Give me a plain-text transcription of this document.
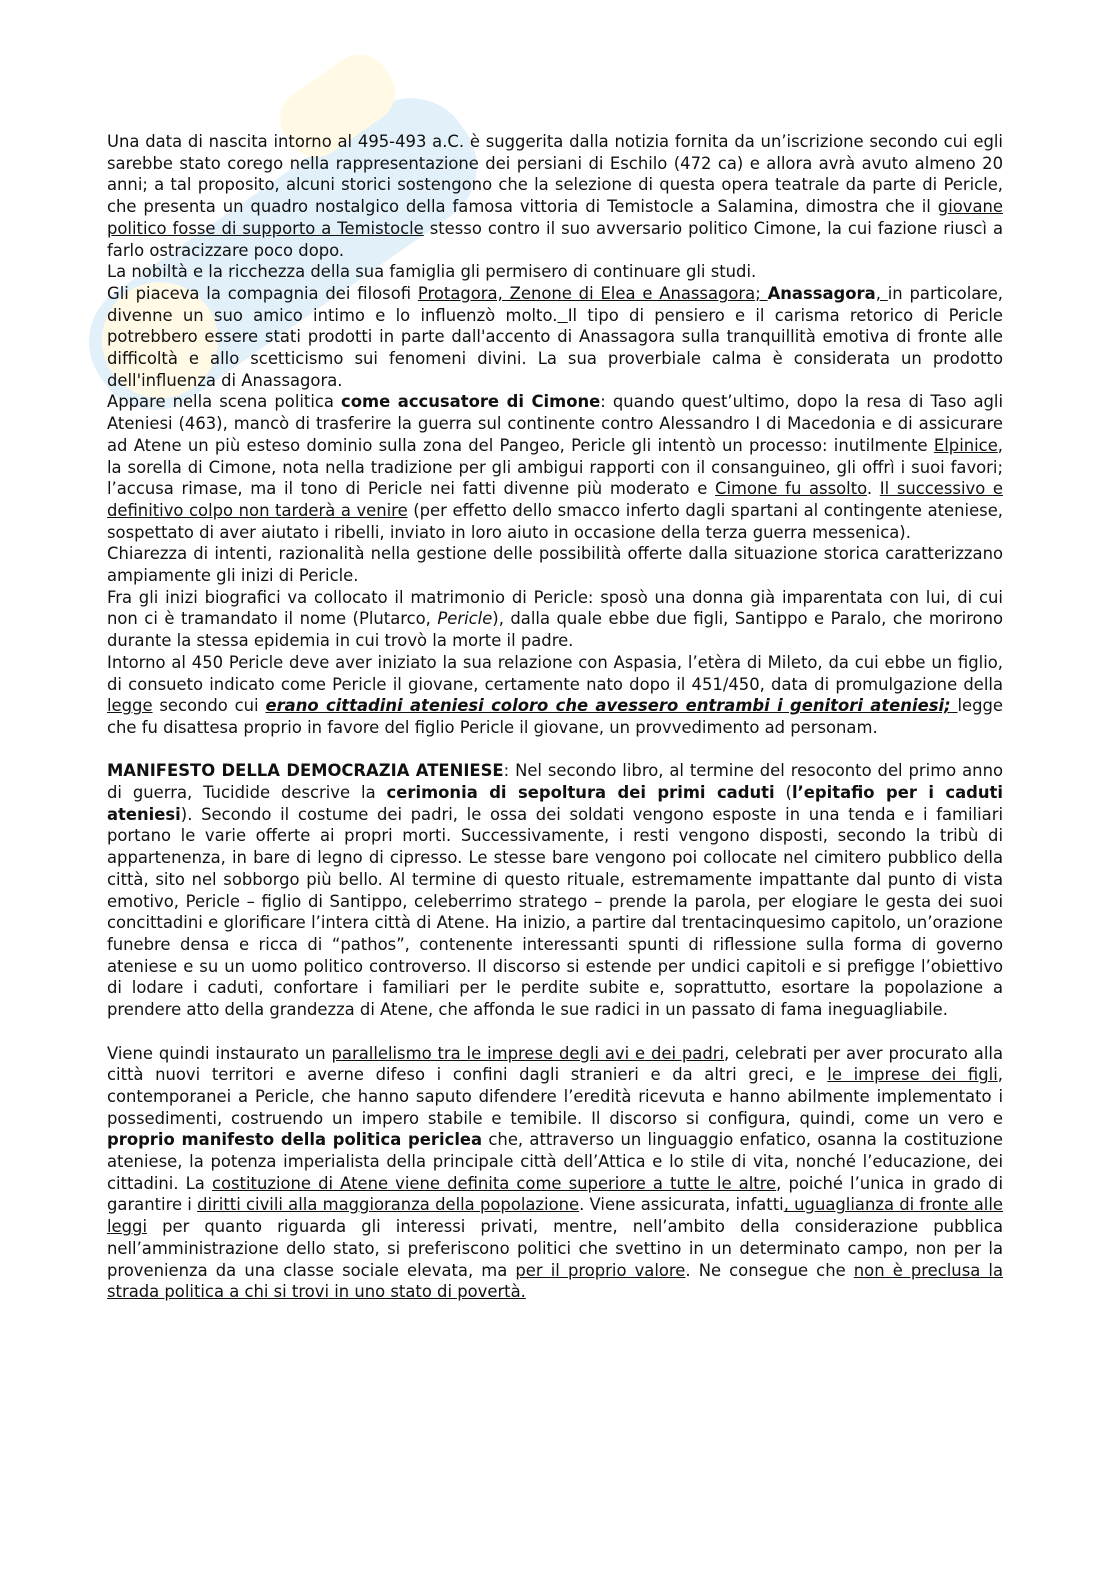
Una data di nascita intorno al 495-493 a.C. è suggerita dalla notizia fornita da un’iscrizione secondo cui egli sarebbe stato corego nella rappresentazione dei persiani di Eschilo (472 ca) e allora avrà avuto almeno 20 anni; a tal proposito, alcuni storici sostengono che la selezione di questa opera teatrale da parte di Pericle, che presenta un quadro nostalgico della famosa vittoria di Temistocle a Salamina, dimostra che il giovane politico fosse di supporto a Temistocle stesso contro il suo avversario politico Cimone, la cui fazione riuscì a farlo ostracizzare poco dopo.

La nobiltà e la ricchezza della sua famiglia gli permisero di continuare gli studi.

Gli piaceva la compagnia dei filosofi Protagora, Zenone di Elea e Anassagora; Anassagora, in particolare, divenne un suo amico intimo e lo influenzò molto. Il tipo di pensiero e il carisma retorico di Pericle potrebbero essere stati prodotti in parte dall'accento di Anassagora sulla tranquillità emotiva di fronte alle difficoltà e allo scetticismo sui fenomeni divini. La sua proverbiale calma è considerata un prodotto dell'influenza di Anassagora.

Appare nella scena politica come accusatore di Cimone: quando quest’ultimo, dopo la resa di Taso agli Ateniesi (463), mancò di trasferire la guerra sul continente contro Alessandro I di Macedonia e di assicurare ad Atene un più esteso dominio sulla zona del Pangeo, Pericle gli intentò un processo: inutilmente Elpinice, la sorella di Cimone, nota nella tradizione per gli ambigui rapporti con il consanguineo, gli offrì i suoi favori; l’accusa rimase, ma il tono di Pericle nei fatti divenne più moderato e Cimone fu assolto. Il successivo e definitivo colpo non tarderà a venire (per effetto dello smacco inferto dagli spartani al contingente ateniese, sospettato di aver aiutato i ribelli, inviato in loro aiuto in occasione della terza guerra messenica).

Chiarezza di intenti, razionalità nella gestione delle possibilità offerte dalla situazione storica caratterizzano ampiamente gli inizi di Pericle.

Fra gli inizi biografici va collocato il matrimonio di Pericle: sposò una donna già imparentata con lui, di cui non ci è tramandato il nome (Plutarco, Pericle), dalla quale ebbe due figli, Santippo e Paralo, che morirono durante la stessa epidemia in cui trovò la morte il padre.

Intorno al 450 Pericle deve aver iniziato la sua relazione con Aspasia, l’etèra di Mileto, da cui ebbe un figlio, di consueto indicato come Pericle il giovane, certamente nato dopo il 451/450, data di promulgazione della legge secondo cui erano cittadini ateniesi coloro che avessero entrambi i genitori ateniesi; legge che fu disattesa proprio in favore del figlio Pericle il giovane, un provvedimento ad personam.

MANIFESTO DELLA DEMOCRAZIA ATENIESE: Nel secondo libro, al termine del resoconto del primo anno di guerra, Tucidide descrive la cerimonia di sepoltura dei primi caduti (l’epitafio per i caduti ateniesi). Secondo il costume dei padri, le ossa dei soldati vengono esposte in una tenda e i familiari portano le varie offerte ai propri morti. Successivamente, i resti vengono disposti, secondo la tribù di appartenenza, in bare di legno di cipresso. Le stesse bare vengono poi collocate nel cimitero pubblico della città, sito nel sobborgo più bello. Al termine di questo rituale, estremamente impattante dal punto di vista emotivo, Pericle – figlio di Santippo, celeberrimo stratego – prende la parola, per elogiare le gesta dei suoi concittadini e glorificare l’intera città di Atene. Ha inizio, a partire dal trentacinquesimo capitolo, un’orazione funebre densa e ricca di “pathos”, contenente interessanti spunti di riflessione sulla forma di governo ateniese e su un uomo politico controverso. Il discorso si estende per undici capitoli e si prefigge l’obiettivo di lodare i caduti, confortare i familiari per le perdite subite e, soprattutto, esortare la popolazione a prendere atto della grandezza di Atene, che affonda le sue radici in un passato di fama ineguagliabile.

Viene quindi instaurato un parallelismo tra le imprese degli avi e dei padri, celebrati per aver procurato alla città nuovi territori e averne difeso i confini dagli stranieri e da altri greci, e le imprese dei figli, contemporanei a Pericle, che hanno saputo difendere l’eredità ricevuta e hanno abilmente implementato i possedimenti, costruendo un impero stabile e temibile. Il discorso si configura, quindi, come un vero e proprio manifesto della politica periclea che, attraverso un linguaggio enfatico, osanna la costituzione ateniese, la potenza imperialista della principale città dell’Attica e lo stile di vita, nonché l’educazione, dei cittadini. La costituzione di Atene viene definita come superiore a tutte le altre, poiché l’unica in grado di garantire i diritti civili alla maggioranza della popolazione. Viene assicurata, infatti, uguaglianza di fronte alle leggi per quanto riguarda gli interessi privati, mentre, nell’ambito della considerazione pubblica nell’amministrazione dello stato, si preferiscono politici che svettino in un determinato campo, non per la provenienza da una classe sociale elevata, ma per il proprio valore. Ne consegue che non è preclusa la strada politica a chi si trovi in uno stato di povertà.
